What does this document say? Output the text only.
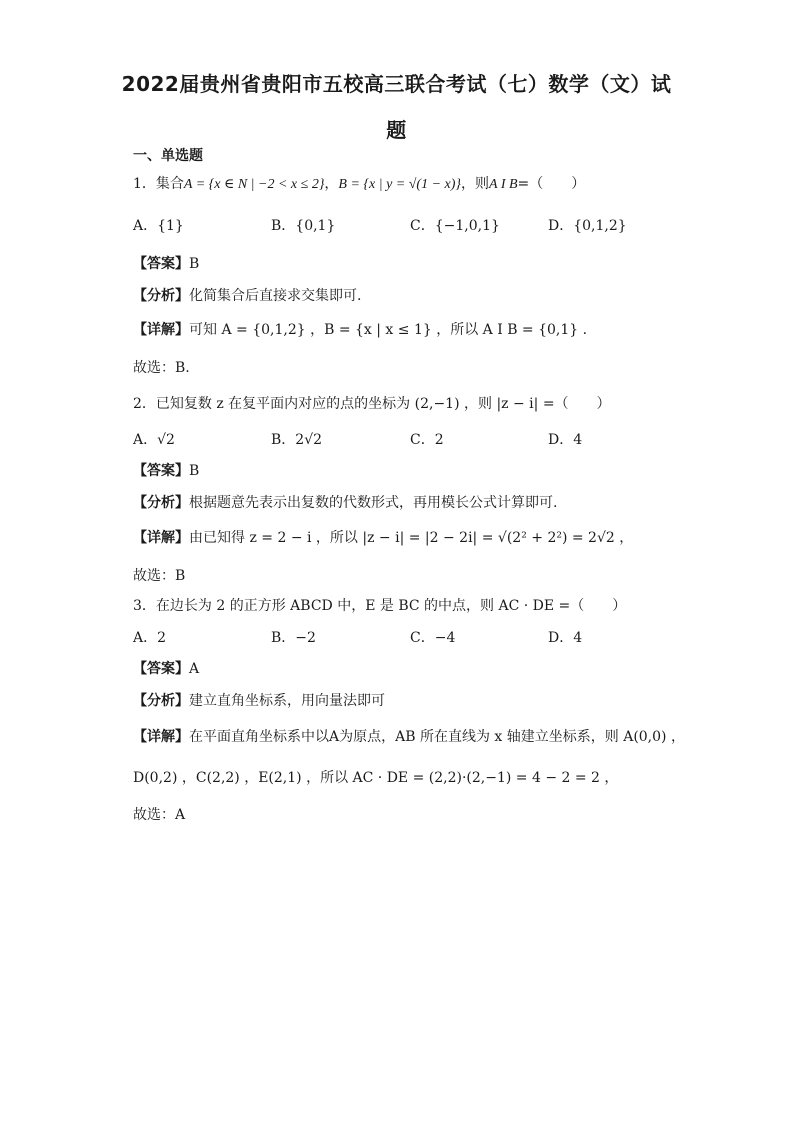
2022届贵州省贵阳市五校高三联合考试（七）数学（文）试
题
一、单选题
1．集合A = {x ∈ N | −2 < x ≤ 2}，B = {x | y = √(1 − x)}，则A I B=（　　）
A．{1}	B．{0,1}	C．{−1,0,1}	D．{0,1,2}
【答案】B
【分析】化简集合后直接求交集即可.
【详解】可知 A = {0,1,2} ，B = {x | x ≤ 1} ，所以 A I B = {0,1} .
故选：B.
2．已知复数 z 在复平面内对应的点的坐标为 (2,−1) ，则 |z − i| =（　　）
A．√2	B．2√2	C．2	D．4
【答案】B
【分析】根据题意先表示出复数的代数形式，再用模长公式计算即可.
【详解】由已知得 z = 2 − i ，所以 |z − i| = |2 − 2i| = √(2² + 2²) = 2√2 ，
故选：B
3．在边长为 2 的正方形 ABCD 中，E 是 BC 的中点，则 AC · DE =（　　）
A．2	B．−2	C．−4	D．4
【答案】A
【分析】建立直角坐标系，用向量法即可
【详解】在平面直角坐标系中以A为原点，AB 所在直线为 x 轴建立坐标系，则 A(0,0) ，
D(0,2) ，C(2,2) ，E(2,1) ，所以 AC · DE = (2,2)·(2,−1) = 4 − 2 = 2 ，
故选：A
